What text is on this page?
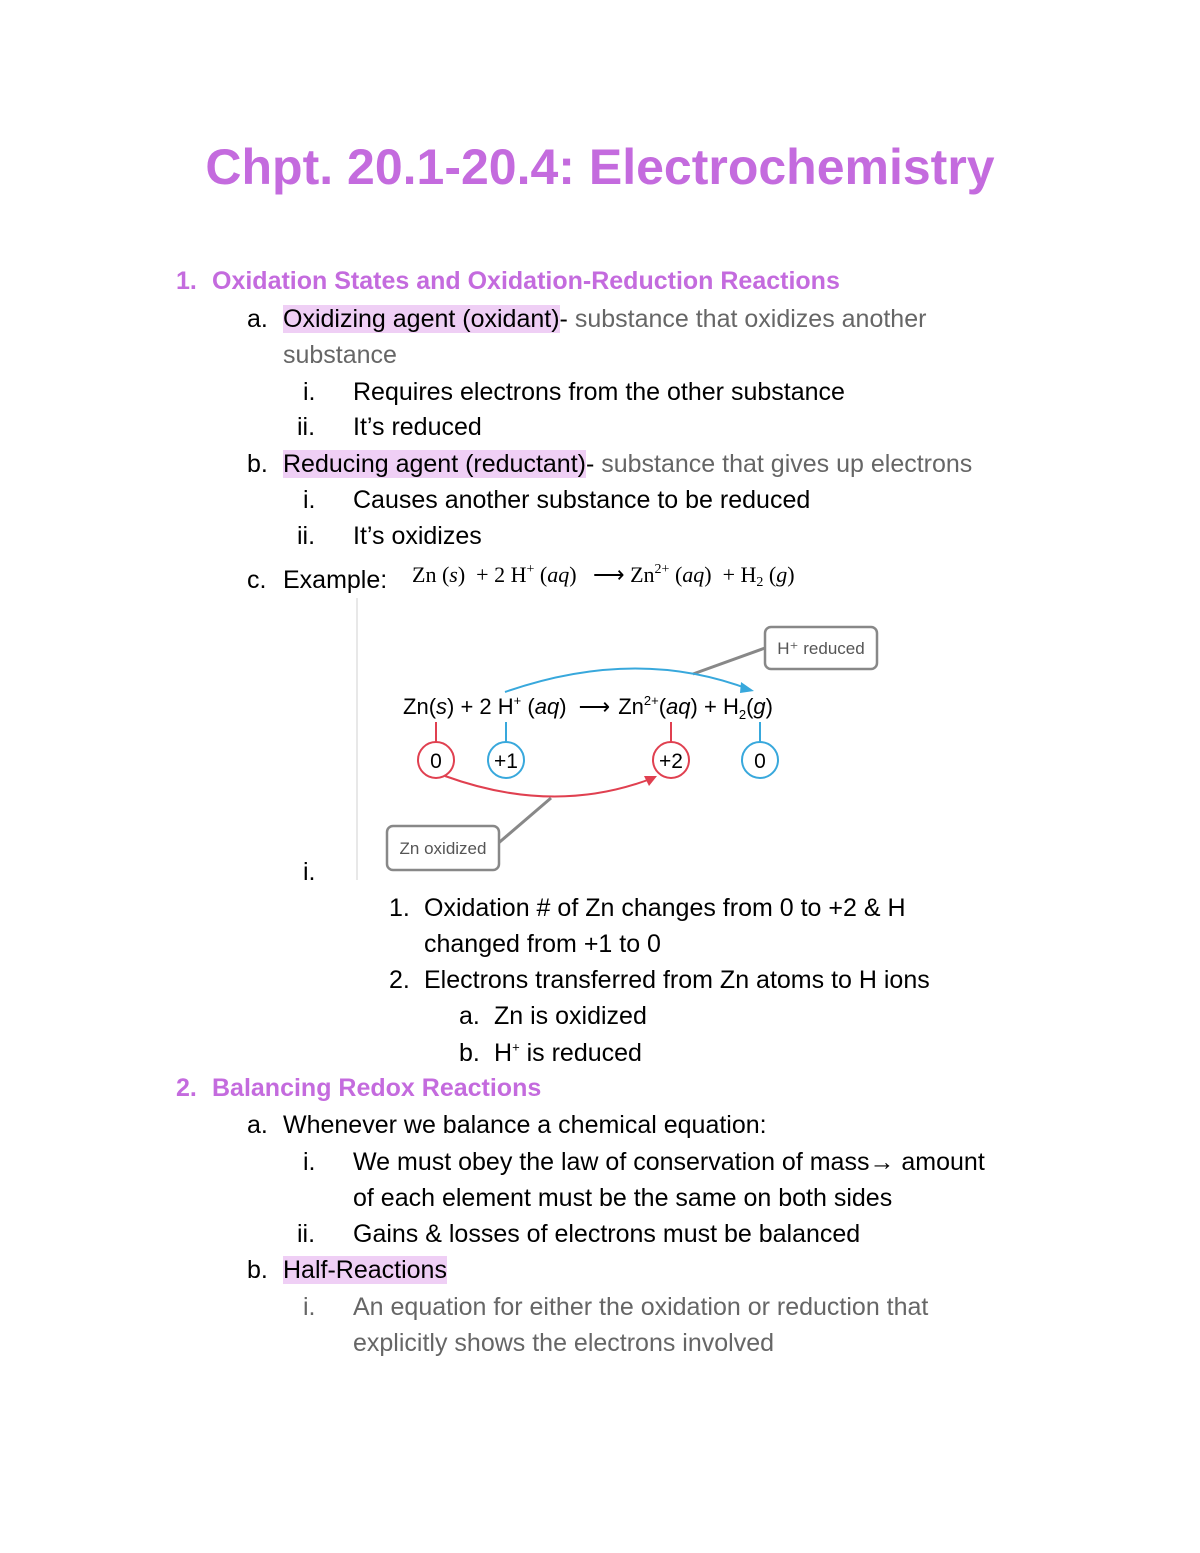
Chpt. 20.1-20.4: Electrochemistry
1. Oxidation States and Oxidation-Reduction Reactions
a. Oxidizing agent (oxidant)- substance that oxidizes another
substance
i. Requires electrons from the other substance
ii. It’s reduced
b. Reducing agent (reductant)- substance that gives up electrons
i. Causes another substance to be reduced
ii. It’s oxidizes
c. Example: Zn (s)  + 2 H+ (aq)   ⟶ $Zn^{2+}$ $(aq) + H_2$ (g)
H⁺ reduced
Zn(s) + 2 H+ (aq) ⟶ $Zn^{2+}(aq) + H_2(g)$
0 +1	+2	0
Zn oxidized
i.
1. Oxidation # of Zn changes from 0 to +2 & H
changed from +1 to 0
2. Electrons transferred from Zn atoms to H ions
a. Zn is oxidized
b. H+ is reduced
2. Balancing Redox Reactions
a. Whenever we balance a chemical equation:
i. We must obey the law of conservation of mass→ amount
of each element must be the same on both sides
ii. Gains & losses of electrons must be balanced
b. Half-Reactions
i. An equation for either the oxidation or reduction that
explicitly shows the electrons involved
